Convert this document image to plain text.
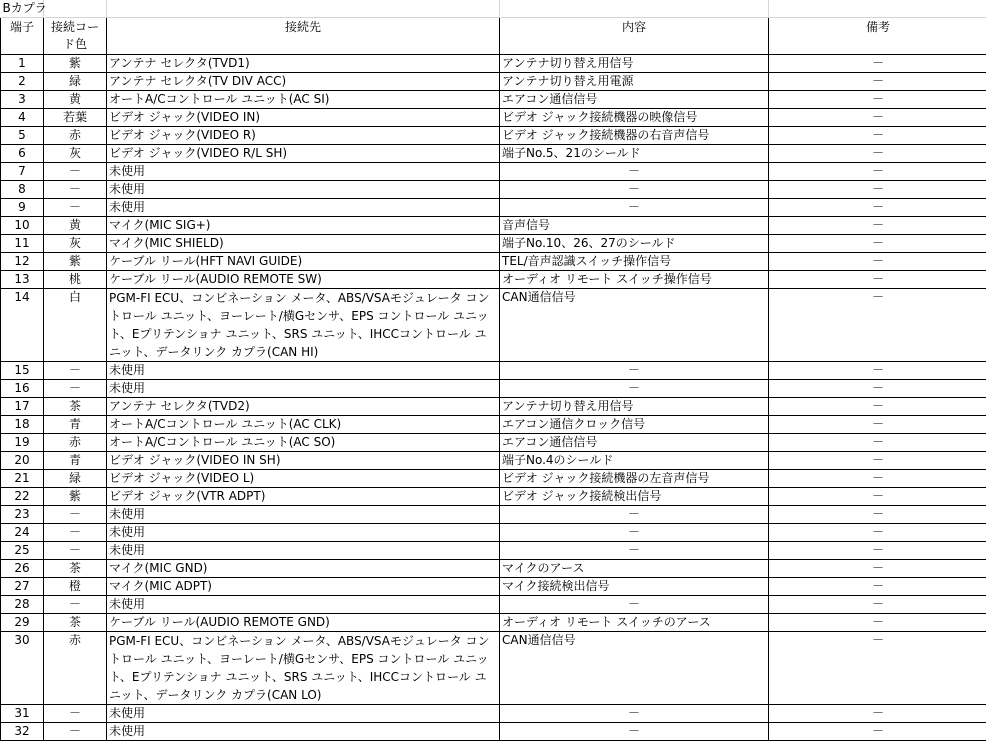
Bカプラ				
端子	接続コード色	接続先	内容	備考
1	紫	アンテナ セレクタ(TVD1)	アンテナ切り替え用信号	－
2	緑	アンテナ セレクタ(TV DIV ACC)	アンテナ切り替え用電源	－
3	黄	オートA/Cコントロール ユニット(AC SI)	エアコン通信信号	－
4	若葉	ビデオ ジャック(VIDEO IN)	ビデオ ジャック接続機器の映像信号	－
5	赤	ビデオ ジャック(VIDEO R)	ビデオ ジャック接続機器の右音声信号	－
6	灰	ビデオ ジャック(VIDEO R/L SH)	端子No.5、21のシールド	－
7	－	未使用	－	－
8	－	未使用	－	－
9	－	未使用	－	－
10	黄	マイク(MIC SIG+)	音声信号	－
11	灰	マイク(MIC SHIELD)	端子No.10、26、27のシールド	－
12	紫	ケーブル リール(HFT NAVI GUIDE)	TEL/音声認識スイッチ操作信号	－
13	桃	ケーブル リール(AUDIO REMOTE SW)	オーディオ リモート スイッチ操作信号	－
14	白	PGM-FI ECU、コンビネーション メータ、ABS/VSAモジュレータ コントロール ユニット、ヨーレート/横Gセンサ、EPS コントロール ユニット、Eプリテンショナ ユニット、SRS ユニット、IHCCコントロール ユニット、データリンク カプラ(CAN HI)	CAN通信信号	－
15	－	未使用	－	－
16	－	未使用	－	－
17	茶	アンテナ セレクタ(TVD2)	アンテナ切り替え用信号	－
18	青	オートA/Cコントロール ユニット(AC CLK)	エアコン通信クロック信号	－
19	赤	オートA/Cコントロール ユニット(AC SO)	エアコン通信信号	－
20	青	ビデオ ジャック(VIDEO IN SH)	端子No.4のシールド	－
21	緑	ビデオ ジャック(VIDEO L)	ビデオ ジャック接続機器の左音声信号	－
22	紫	ビデオ ジャック(VTR ADPT)	ビデオ ジャック接続検出信号	－
23	－	未使用	－	－
24	－	未使用	－	－
25	－	未使用	－	－
26	茶	マイク(MIC GND)	マイクのアース	－
27	橙	マイク(MIC ADPT)	マイク接続検出信号	－
28	－	未使用	－	－
29	茶	ケーブル リール(AUDIO REMOTE GND)	オーディオ リモート スイッチのアース	－
30	赤	PGM-FI ECU、コンビネーション メータ、ABS/VSAモジュレータ コントロール ユニット、ヨーレート/横Gセンサ、EPS コントロール ユニット、Eプリテンショナ ユニット、SRS ユニット、IHCCコントロール ユニット、データリンク カプラ(CAN LO)	CAN通信信号	－
31	－	未使用	－	－
32	－	未使用	－	－
